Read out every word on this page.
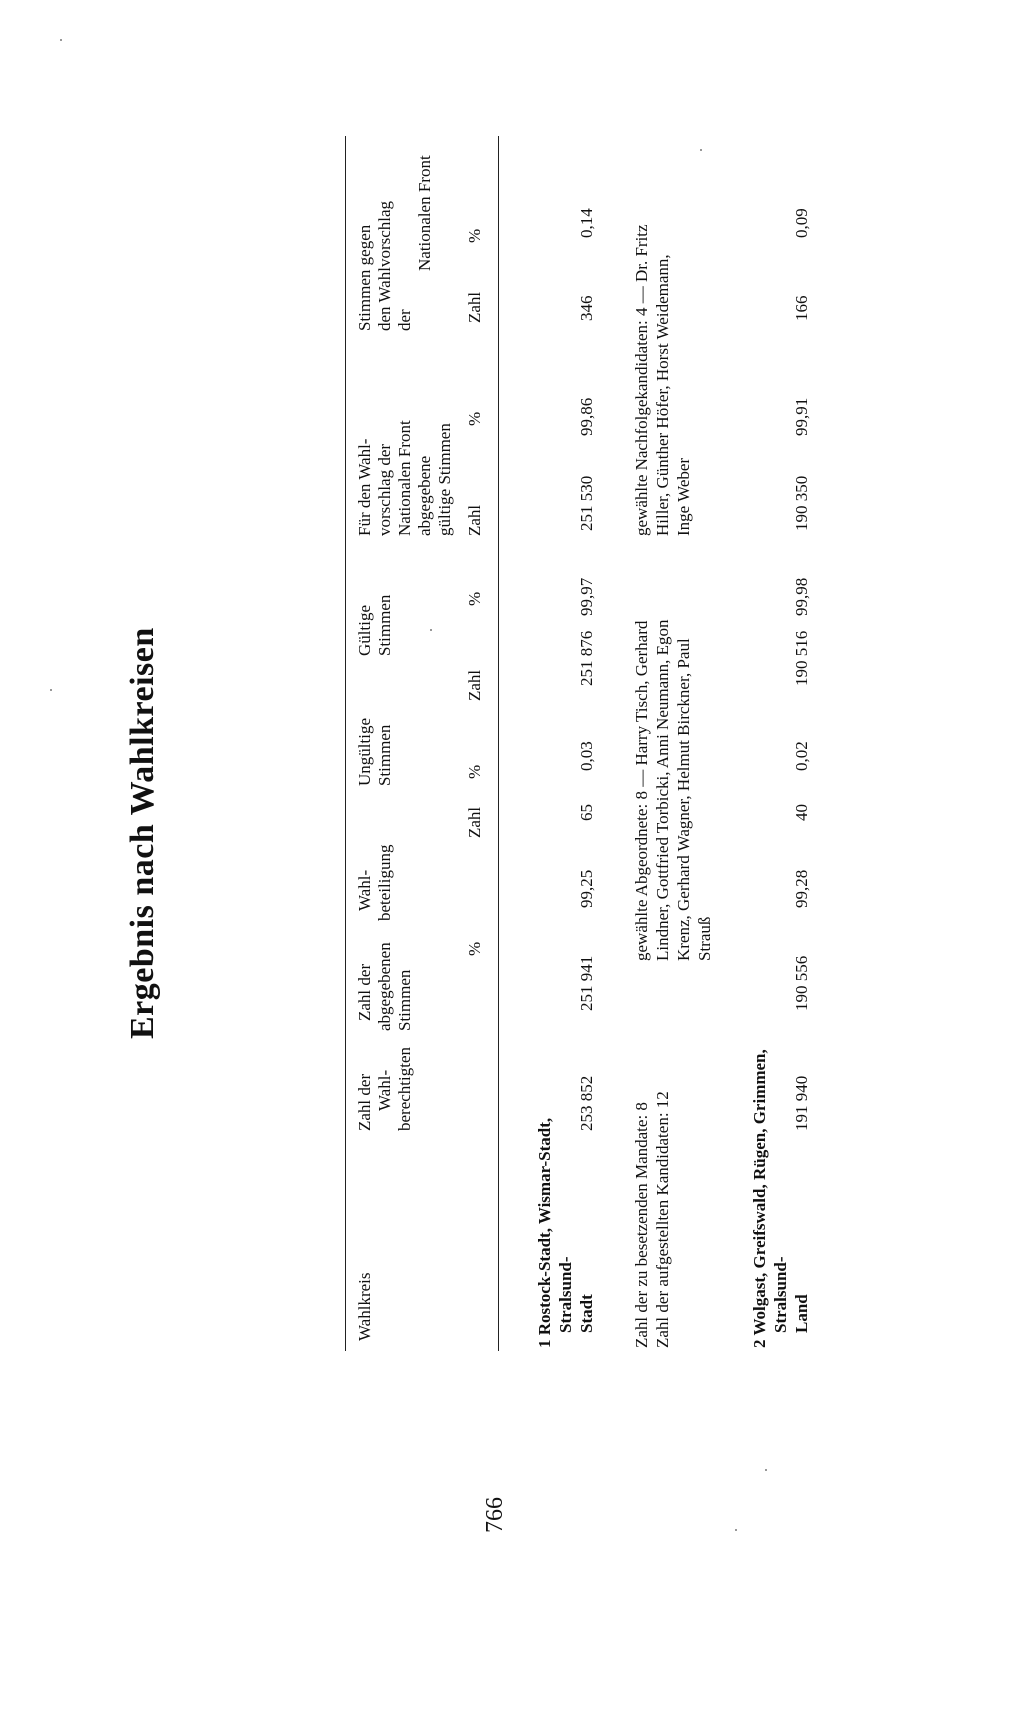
Ergebnis nach Wahlkreisen
766
Wahlkreis
Zahl der Wahl- berechtigten
Zahl der abgegebenen Stimmen
Wahl- beteiligung
%
Ungültige Stimmen
Zahl
%
Gültige Stimmen
Zahl
%
Für den Wahl- vorschlag der Nationalen Front abgegebene gültige Stimmen Zahl
%
Stimmen gegen den Wahlvorschlag der
Nationalen Front
Zahl
%
1 Rostock-Stadt, Wismar-Stadt, Stralsund- Stadt
253 852
251 941
99,25
65
0,03
251 876
99,97
251 530
99,86
346
0,14
Zahl der zu besetzenden Mandate: 8 Zahl der aufgestellten Kandidaten: 12
gewählte Abgeordnete: 8 — Harry Tisch, Gerhard Lindner, Gottfried Torbicki, Anni Neumann, Egon Krenz, Gerhard Wagner, Helmut Birckner, Paul Strauß
gewählte Nachfolgekandidaten: 4 — Dr. Fritz Hiller, Günther Höfer, Horst Weidemann, Inge Weber
2 Wolgast, Greifswald, Rügen, Grimmen, Stralsund- Land
191 940
190 556
99,28
40
0,02
190 516
99,98
190 350
99,91
166
0,09
